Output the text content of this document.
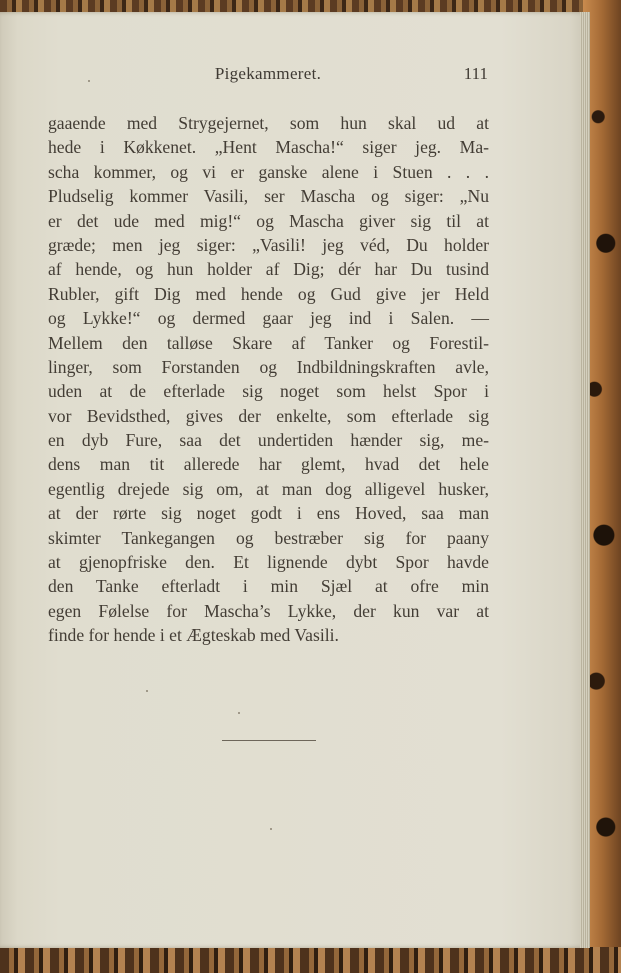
Pigekammeret.	111
gaaende med Strygejernet, som hun skal ud at
hede i Køkkenet. „Hent Mascha!“ siger jeg. Ma-
scha kommer, og vi er ganske alene i Stuen . . .
Pludselig kommer Vasili, ser Mascha og siger: „Nu
er det ude med mig!“ og Mascha giver sig til at
græde; men jeg siger: „Vasili! jeg véd, Du holder
af hende, og hun holder af Dig; dér har Du tusind
Rubler, gift Dig med hende og Gud give jer Held
og Lykke!“ og dermed gaar jeg ind i Salen. —
Mellem den talløse Skare af Tanker og Forestil-
linger, som Forstanden og Indbildningskraften avle,
uden at de efterlade sig noget som helst Spor i
vor Bevidsthed, gives der enkelte, som efterlade sig
en dyb Fure, saa det undertiden hænder sig, me-
dens man tit allerede har glemt, hvad det hele
egentlig drejede sig om, at man dog alligevel husker,
at der rørte sig noget godt i ens Hoved, saa man
skimter Tankegangen og bestræber sig for paany
at gjenopfriske den. Et lignende dybt Spor havde
den Tanke efterladt i min Sjæl at ofre min
egen Følelse for Mascha’s Lykke, der kun var at
finde for hende i et Ægteskab med Vasili.
